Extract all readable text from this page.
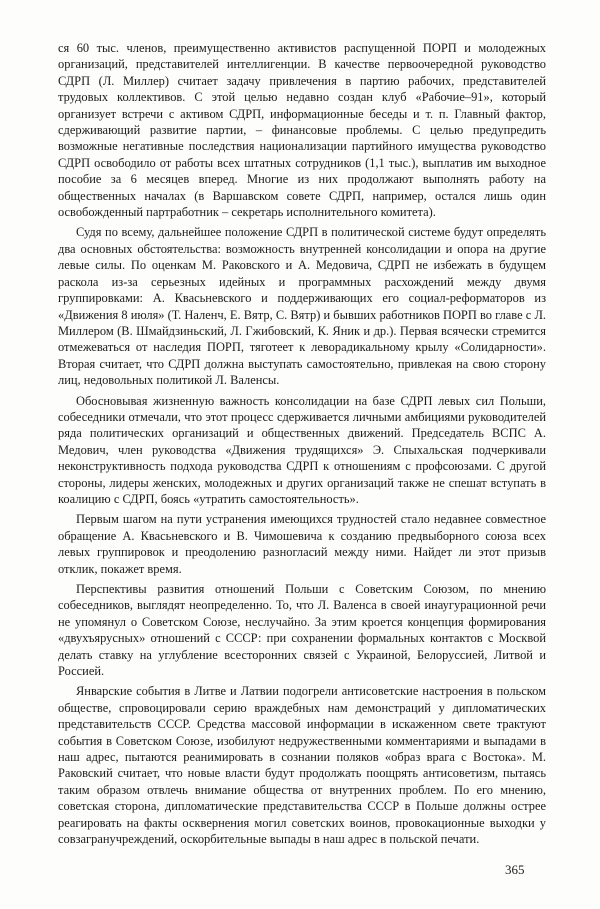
ся 60 тыс. членов, преимущественно активистов распущенной ПОРП и молодежных организаций, представителей интеллигенции. В качестве первоочередной руководство СДРП (Л. Миллер) считает задачу привлечения в партию рабочих, представителей трудовых коллективов. С этой целью недавно создан клуб «Рабочие–91», который организует встречи с активом СДРП, информационные беседы и т. п. Главный фактор, сдерживающий развитие партии, – финансовые проблемы. С целью предупредить возможные негативные последствия национализации партийного имущества руководство СДРП освободило от работы всех штатных сотрудников (1,1 тыс.), выплатив им выходное пособие за 6 месяцев вперед. Многие из них продолжают выполнять работу на общественных началах (в Варшавском совете СДРП, например, остался лишь один освобожденный партработник – секретарь исполнительного комитета).

Судя по всему, дальнейшее положение СДРП в политической системе будут определять два основных обстоятельства: возможность внутренней консолидации и опора на другие левые силы. По оценкам М. Раковского и А. Медовича, СДРП не избежать в будущем раскола из-за серьезных идейных и программных расхождений между двумя группировками: А. Квасьневского и поддерживающих его социал-реформаторов из «Движения 8 июля» (Т. Наленч, Е. Вятр, С. Вятр) и бывших работников ПОРП во главе с Л. Миллером (В. Шмайдзиньский, Л. Гжибовский, К. Яник и др.). Первая всячески стремится отмежеваться от наследия ПОРП, тяготеет к леворадикальному крылу «Солидарности». Вторая считает, что СДРП должна выступать самостоятельно, привлекая на свою сторону лиц, недовольных политикой Л. Валенсы.

Обосновывая жизненную важность консолидации на базе СДРП левых сил Польши, собеседники отмечали, что этот процесс сдерживается личными амбициями руководителей ряда политических организаций и общественных движений. Председатель ВСПС А. Медович, член руководства «Движения трудящихся» Э. Спыхальская подчеркивали неконструктивность подхода руководства СДРП к отношениям с профсоюзами. С другой стороны, лидеры женских, молодежных и других организаций также не спешат вступать в коалицию с СДРП, боясь «утратить самостоятельность».

Первым шагом на пути устранения имеющихся трудностей стало недавнее совместное обращение А. Квасьневского и В. Чимошевича к созданию предвыборного союза всех левых группировок и преодолению разногласий между ними. Найдет ли этот призыв отклик, покажет время.

Перспективы развития отношений Польши с Советским Союзом, по мнению собеседников, выглядят неопределенно. То, что Л. Валенса в своей инаугурационной речи не упомянул о Советском Союзе, неслучайно. За этим кроется концепция формирования «двухъярусных» отношений с СССР: при сохранении формальных контактов с Москвой делать ставку на углубление всесторонних связей с Украиной, Белоруссией, Литвой и Россией.

Январские события в Литве и Латвии подогрели антисоветские настроения в польском обществе, спровоцировали серию враждебных нам демонстраций у дипломатических представительств СССР. Средства массовой информации в искаженном свете трактуют события в Советском Союзе, изобилуют недружественными комментариями и выпадами в наш адрес, пытаются реанимировать в сознании поляков «образ врага с Востока». М. Раковский считает, что новые власти будут продолжать поощрять антисоветизм, пытаясь таким образом отвлечь внимание общества от внутренних проблем. По его мнению, советская сторона, дипломатические представительства СССР в Польше должны острее реагировать на факты осквернения могил советских воинов, провокационные выходки у совзагранучреждений, оскорбительные выпады в наш адрес в польской печати.

365
